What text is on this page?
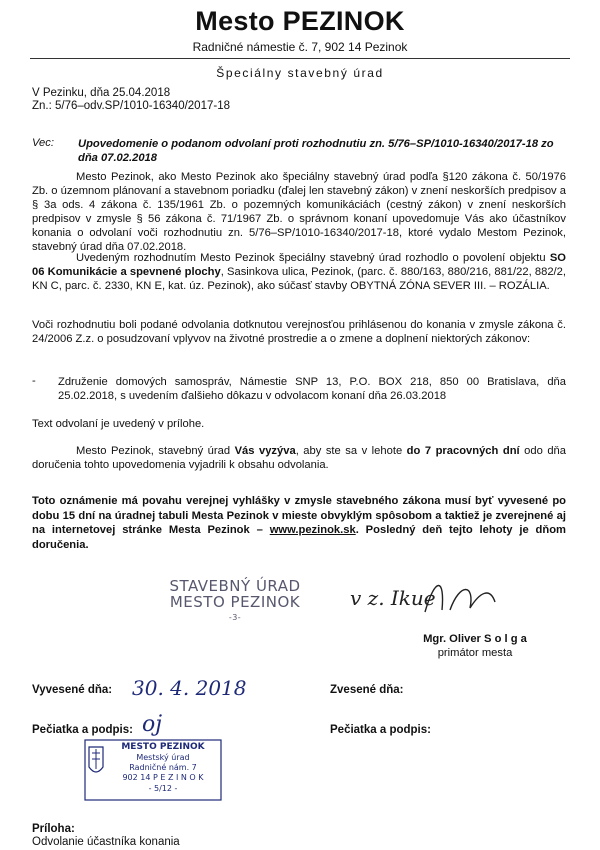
Mesto PEZINOK
Radničné námestie č. 7, 902 14 Pezinok
Špeciálny stavebný úrad
V Pezinku, dňa 25.04.2018
Zn.: 5/76–odv.SP/1010-16340/2017-18
Vec: Upovedomenie o podanom odvolaní proti rozhodnutiu zn. 5/76–SP/1010-16340/2017-18 zo dňa 07.02.2018
Mesto Pezinok, ako Mesto Pezinok ako špeciálny stavebný úrad podľa §120 zákona č. 50/1976 Zb. o územnom plánovaní a stavebnom poriadku (ďalej len stavebný zákon) v znení neskorších predpisov a § 3a ods. 4 zákona č. 135/1961 Zb. o pozemných komunikáciách (cestný zákon) v znení neskorších predpisov v zmysle § 56 zákona č. 71/1967 Zb. o správnom konaní upovedomuje Vás ako účastníkov konania o odvolaní voči rozhodnutiu zn. 5/76–SP/1010-16340/2017-18, ktoré vydalo Mestom Pezinok, stavebný úrad dňa 07.02.2018.
Uvedeným rozhodnutím Mesto Pezinok špeciálny stavebný úrad rozhodlo o povolení objektu SO 06 Komunikácie a spevnené plochy, Sasinkova ulica, Pezinok, (parc. č. 880/163, 880/216, 881/22, 882/2, KN C, parc. č. 2330, KN E, kat. úz. Pezinok), ako súčasť stavby OBYTNÁ ZÓNA SEVER III. – ROZÁLIA.
Voči rozhodnutiu boli podané odvolania dotknutou verejnosťou prihlásenou do konania v zmysle zákona č. 24/2006 Z.z. o posudzovaní vplyvov na životné prostredie a o zmene a doplnení niektorých zákonov:
- Združenie domových samospráv, Námestie SNP 13, P.O. BOX 218, 850 00 Bratislava, dňa 25.02.2018, s uvedením ďalšieho dôkazu v odvolacom konaní dňa 26.03.2018
Text odvolaní je uvedený v prílohe.
Mesto Pezinok, stavebný úrad Vás vyzýva, aby ste sa v lehote do 7 pracovných dní odo dňa doručenia tohto upovedomenia vyjadrili k obsahu odvolania.
Toto oznámenie má povahu verejnej vyhlášky v zmysle stavebného zákona musí byť vyvesené po dobu 15 dní na úradnej tabuli Mesta Pezinok v mieste obvyklým spôsobom a taktiež je zverejnené aj na internetovej stránke Mesta Pezinok – www.pezinok.sk. Posledný deň tejto lehoty je dňom doručenia.
STAVEBNÝ ÚRAD
MESTO PEZINOK
-3-
v z. Ikue
Mgr. Oliver S o l g a
primátor mesta
Vyvesené dňa: 30. 4. 2018	Zvesené dňa:
Pečiatka a podpis: oj	Pečiatka a podpis:
MESTO PEZINOK
Mestský úrad
Radničné nám. 7
902 14 P E Z I N O K
- 5/12 -
Príloha:
Odvolanie účastníka konania
